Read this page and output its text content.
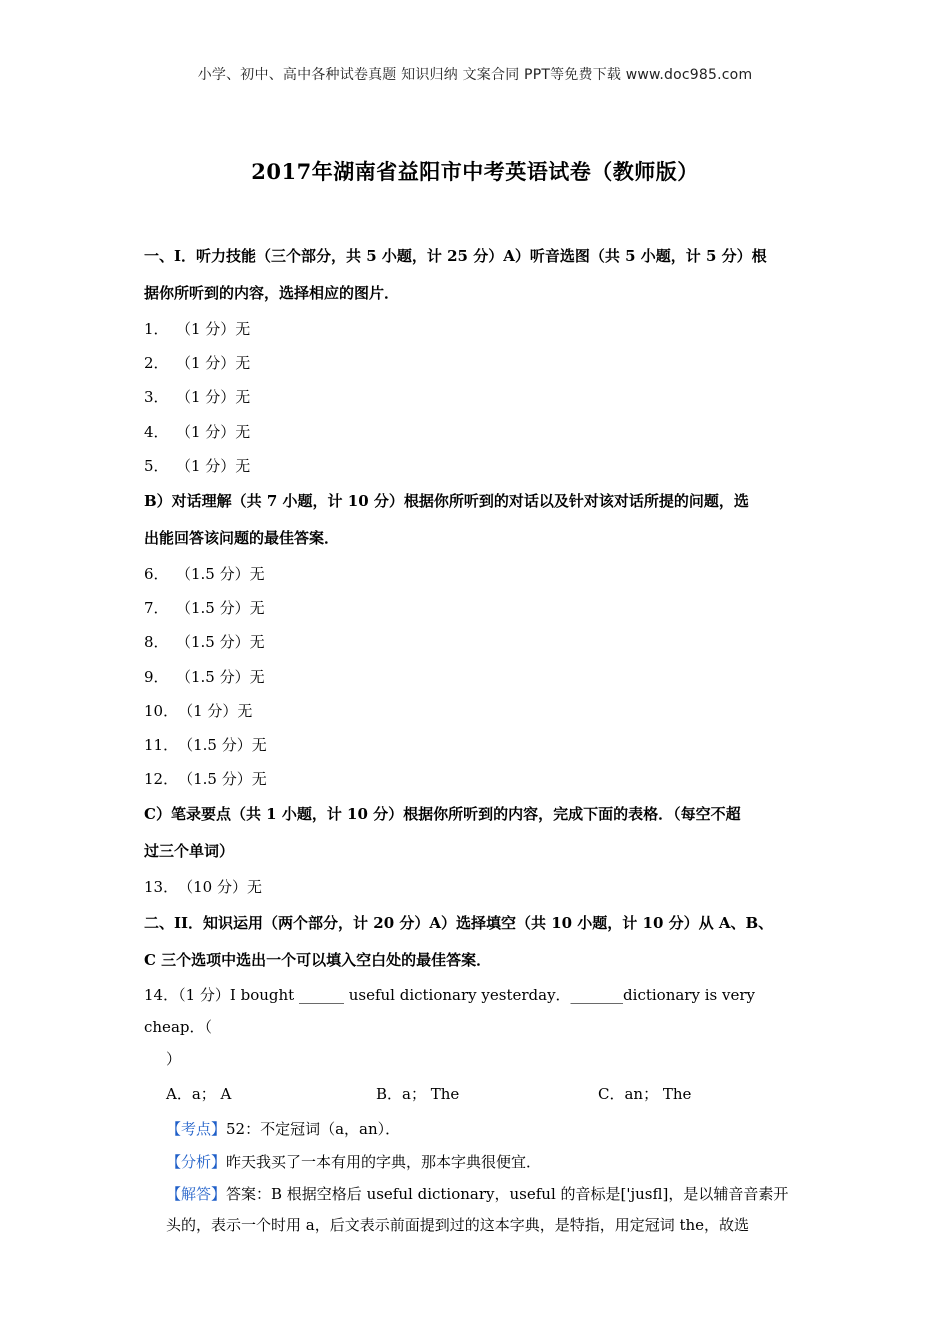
小学、初中、高中各种试卷真题 知识归纳 文案合同 PPT等免费下载 www.doc985.com
2017年湖南省益阳市中考英语试卷（教师版）
一、I．听力技能（三个部分，共 5 小题，计 25 分）A）听音选图（共 5 小题，计 5 分）根
据你所听到的内容，选择相应的图片．
1． （1 分）无
2． （1 分）无
3． （1 分）无
4． （1 分）无
5． （1 分）无
B）对话理解（共 7 小题，计 10 分）根据你所听到的对话以及针对该对话所提的问题，选
出能回答该问题的最佳答案．
6． （1.5 分）无
7． （1.5 分）无
8． （1.5 分）无
9． （1.5 分）无
10．（1 分）无
11．（1.5 分）无
12．（1.5 分）无
C）笔录要点（共 1 小题，计 10 分）根据你所听到的内容，完成下面的表格．（每空不超
过三个单词）
13．（10 分）无
二、II．知识运用（两个部分，计 20 分）A）选择填空（共 10 小题，计 10 分）从 A、B、
C 三个选项中选出一个可以填入空白处的最佳答案．
14．（1 分）I bought ______ useful dictionary yesterday．_______dictionary is very cheap．（
）
A．a； A	B．a； The	C．an； The
【考点】52：不定冠词（a，an）．
【分析】昨天我买了一本有用的字典，那本字典很便宜．
【解答】答案：B 根据空格后 useful dictionary，useful 的音标是['jusfl]，是以辅音音素开
头的，表示一个时用 a，后文表示前面提到过的这本字典，是特指，用定冠词 the，故选
